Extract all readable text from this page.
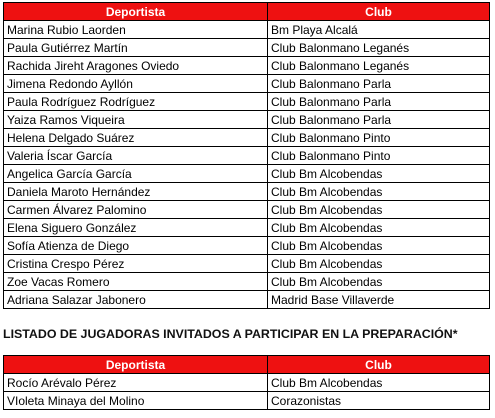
Deportista	Club
Marina Rubio Laorden	Bm Playa Alcalá
Paula Gutiérrez Martín	Club Balonmano Leganés
Rachida Jireht Aragones Oviedo	Club Balonmano Leganés
Jimena Redondo Ayllón	Club Balonmano Parla
Paula Rodríguez Rodríguez	Club Balonmano Parla
Yaiza Ramos Viqueira	Club Balonmano Parla
Helena Delgado Suárez	Club Balonmano Pinto
Valeria Íscar García	Club Balonmano Pinto
Angelica García García	Club Bm Alcobendas
Daniela Maroto Hernández	Club Bm Alcobendas
Carmen Álvarez Palomino	Club Bm Alcobendas
Elena Siguero González	Club Bm Alcobendas
Sofía Atienza de Diego	Club Bm Alcobendas
Cristina Crespo Pérez	Club Bm Alcobendas
Zoe Vacas Romero	Club Bm Alcobendas
Adriana Salazar Jabonero	Madrid Base Villaverde
LISTADO DE JUGADORAS INVITADOS A PARTICIPAR EN LA PREPARACIÓN*
Deportista	Club
Rocío Arévalo Pérez	Club Bm Alcobendas
VIoleta Minaya del Molino	Corazonistas
